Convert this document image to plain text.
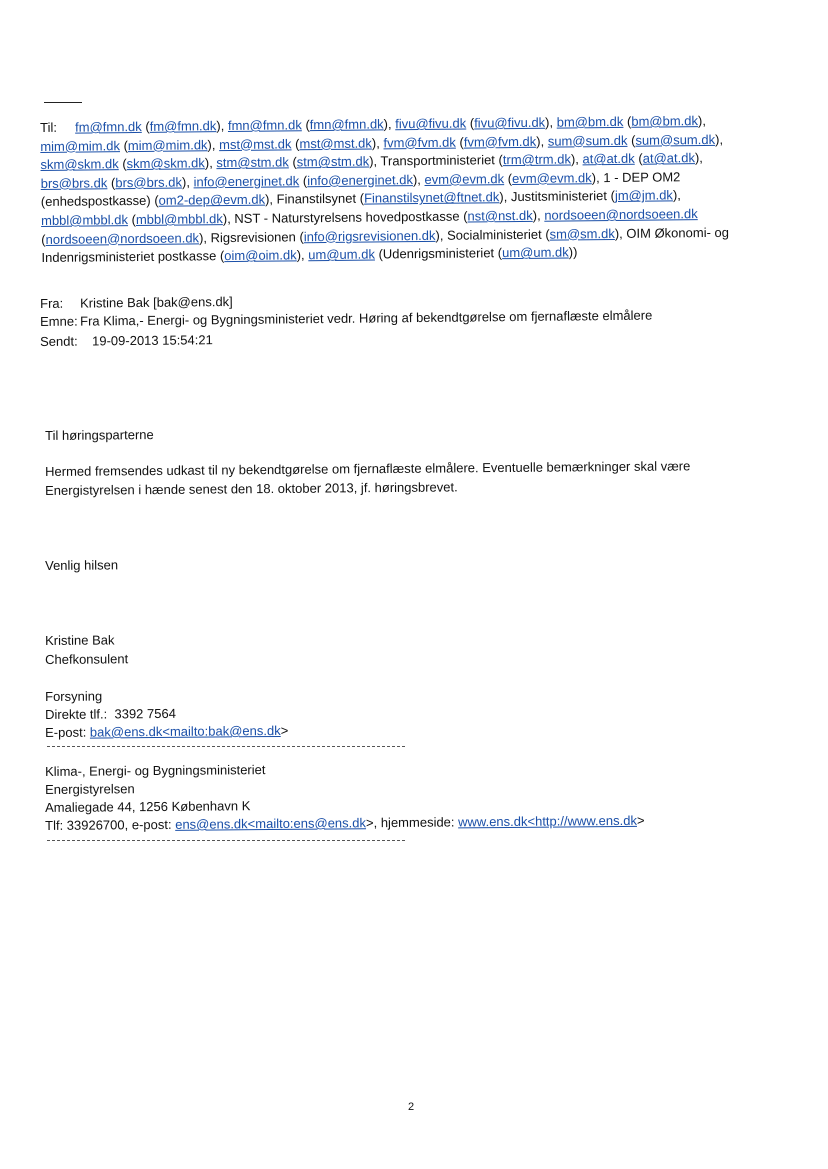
Til: fm@fmn.dk (fm@fmn.dk), fmn@fmn.dk (fmn@fmn.dk), fivu@fivu.dk (fivu@fivu.dk), bm@bm.dk (bm@bm.dk), mim@mim.dk (mim@mim.dk), mst@mst.dk (mst@mst.dk), fvm@fvm.dk (fvm@fvm.dk), sum@sum.dk (sum@sum.dk), skm@skm.dk (skm@skm.dk), stm@stm.dk (stm@stm.dk), Transportministeriet (trm@trm.dk), at@at.dk (at@at.dk), brs@brs.dk (brs@brs.dk), info@energinet.dk (info@energinet.dk), evm@evm.dk (evm@evm.dk), 1 - DEP OM2 (enhedspostkasse) (om2-dep@evm.dk), Finanstilsynet (Finanstilsynet@ftnet.dk), Justitsministeriet (jm@jm.dk), mbbl@mbbl.dk (mbbl@mbbl.dk), NST - Naturstyrelsens hovedpostkasse (nst@nst.dk), nordsoeen@nordsoeen.dk (nordsoeen@nordsoeen.dk), Rigsrevisionen (info@rigsrevisionen.dk), Socialministeriet (sm@sm.dk), OIM Økonomi- og Indenrigsministeriet postkasse (oim@oim.dk), um@um.dk (Udenrigsministeriet (um@um.dk))
Fra: Kristine Bak [bak@ens.dk]
Emne: Fra Klima,- Energi- og Bygningsministeriet vedr. Høring af bekendtgørelse om fjernaflæste elmålere
Sendt: 19-09-2013 15:54:21
Til høringsparterne
Hermed fremsendes udkast til ny bekendtgørelse om fjernaflæste elmålere. Eventuelle bemærkninger skal være
Energistyrelsen i hænde senest den 18. oktober 2013, jf. høringsbrevet.
Venlig hilsen
Kristine Bak
Chefkonsulent
Forsyning
Direkte tlf.: 3392 7564
E-post: bak@ens.dk<mailto:bak@ens.dk>
Klima-, Energi- og Bygningsministeriet
Energistyrelsen
Amaliegade 44, 1256 København K
Tlf: 33926700, e-post: ens@ens.dk<mailto:ens@ens.dk>, hjemmeside: www.ens.dk<http://www.ens.dk>
2
